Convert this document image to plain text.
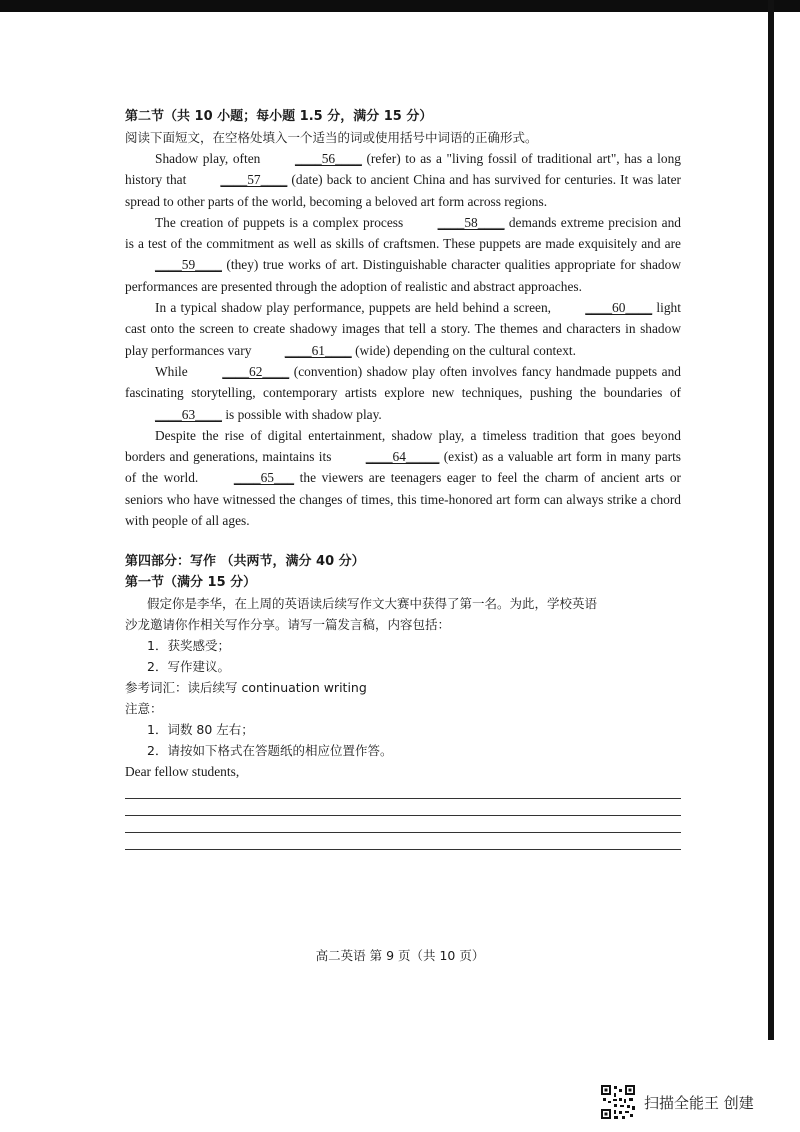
第二节（共 10 小题；每小题 1.5 分，满分 15 分）
阅读下面短文，在空格处填入一个适当的词或使用括号中词语的正确形式。

Shadow play, often	____56____ (refer) to as a "living fossil of traditional art", has a long history that	____57____ (date) back to ancient China and has survived for centuries. It was later spread to other parts of the world, becoming a beloved art form across regions.

The creation of puppets is a complex process	____58____ demands extreme precision and is a test of the commitment as well as skills of craftsmen. These puppets are made exquisitely and are ____59____ (they) true works of art. Distinguishable character qualities appropriate for shadow performances are presented through the adoption of realistic and abstract approaches.

In a typical shadow play performance, puppets are held behind a screen,	____60____ light cast onto the screen to create shadowy images that tell a story. The themes and characters in shadow play performances vary ____61____ (wide) depending on the cultural context.

While	____62____ (convention) shadow play often involves fancy handmade puppets and fascinating storytelling, contemporary artists explore new techniques, pushing the boundaries of ____63____ is possible with shadow play.

Despite the rise of digital entertainment, shadow play, a timeless tradition that goes beyond borders and generations, maintains its	____64_____ (exist) as a valuable art form in many parts of the world.	____65___ the viewers are teenagers eager to feel the charm of ancient arts or seniors who have witnessed the changes of times, this time-honored art form can always strike a chord with people of all ages.

第四部分：写作 （共两节，满分 40 分）
第一节（满分 15 分）
假定你是李华，在上周的英语读后续写作文大赛中获得了第一名。为此，学校英语
沙龙邀请你作相关写作分享。请写一篇发言稿，内容包括：
1．获奖感受；
2．写作建议。
参考词汇：读后续写 continuation writing
注意：
1．词数 80 左右；
2．请按如下格式在答题纸的相应位置作答。
Dear fellow students,
高二英语 第 9 页（共 10 页）
扫描全能王 创建
